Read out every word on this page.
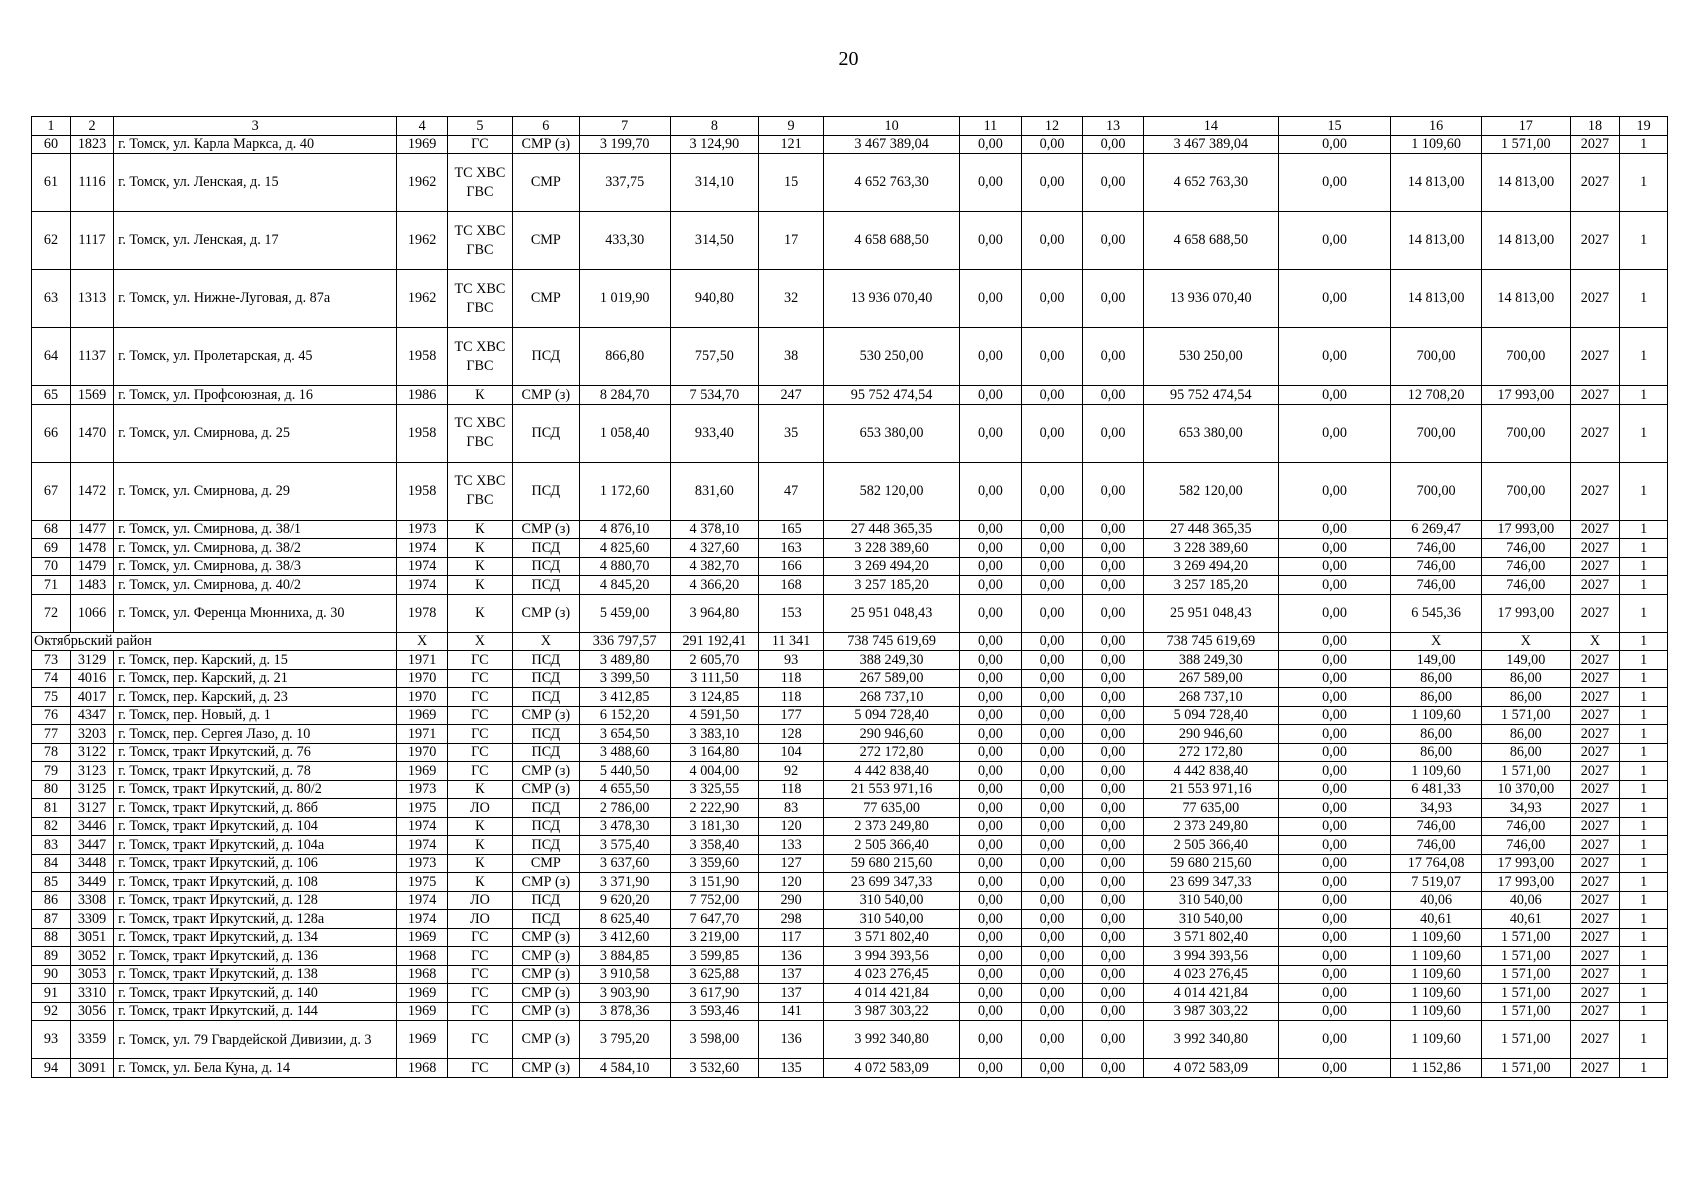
20
1	2	3	4	5	6	7	8	9	10	11	12	13	14	15	16	17	18	19
60	1823	г. Томск, ул. Карла Маркса, д. 40	1969	ГС	СМР (з)	3 199,70	3 124,90	121	3 467 389,04	0,00	0,00	0,00	3 467 389,04	0,00	1 109,60	1 571,00	2027	1
61	1116	г. Томск, ул. Ленская, д. 15	1962	ТС ХВС ГВС	СМР	337,75	314,10	15	4 652 763,30	0,00	0,00	0,00	4 652 763,30	0,00	14 813,00	14 813,00	2027	1
62	1117	г. Томск, ул. Ленская, д. 17	1962	ТС ХВС ГВС	СМР	433,30	314,50	17	4 658 688,50	0,00	0,00	0,00	4 658 688,50	0,00	14 813,00	14 813,00	2027	1
63	1313	г. Томск, ул. Нижне-Луговая, д. 87а	1962	ТС ХВС ГВС	СМР	1 019,90	940,80	32	13 936 070,40	0,00	0,00	0,00	13 936 070,40	0,00	14 813,00	14 813,00	2027	1
64	1137	г. Томск, ул. Пролетарская, д. 45	1958	ТС ХВС ГВС	ПСД	866,80	757,50	38	530 250,00	0,00	0,00	0,00	530 250,00	0,00	700,00	700,00	2027	1
65	1569	г. Томск, ул. Профсоюзная, д. 16	1986	К	СМР (з)	8 284,70	7 534,70	247	95 752 474,54	0,00	0,00	0,00	95 752 474,54	0,00	12 708,20	17 993,00	2027	1
66	1470	г. Томск, ул. Смирнова, д. 25	1958	ТС ХВС ГВС	ПСД	1 058,40	933,40	35	653 380,00	0,00	0,00	0,00	653 380,00	0,00	700,00	700,00	2027	1
67	1472	г. Томск, ул. Смирнова, д. 29	1958	ТС ХВС ГВС	ПСД	1 172,60	831,60	47	582 120,00	0,00	0,00	0,00	582 120,00	0,00	700,00	700,00	2027	1
68	1477	г. Томск, ул. Смирнова, д. 38/1	1973	К	СМР (з)	4 876,10	4 378,10	165	27 448 365,35	0,00	0,00	0,00	27 448 365,35	0,00	6 269,47	17 993,00	2027	1
69	1478	г. Томск, ул. Смирнова, д. 38/2	1974	К	ПСД	4 825,60	4 327,60	163	3 228 389,60	0,00	0,00	0,00	3 228 389,60	0,00	746,00	746,00	2027	1
70	1479	г. Томск, ул. Смирнова, д. 38/3	1974	К	ПСД	4 880,70	4 382,70	166	3 269 494,20	0,00	0,00	0,00	3 269 494,20	0,00	746,00	746,00	2027	1
71	1483	г. Томск, ул. Смирнова, д. 40/2	1974	К	ПСД	4 845,20	4 366,20	168	3 257 185,20	0,00	0,00	0,00	3 257 185,20	0,00	746,00	746,00	2027	1
72	1066	г. Томск, ул. Ференца Мюнниха, д. 30	1978	К	СМР (з)	5 459,00	3 964,80	153	25 951 048,43	0,00	0,00	0,00	25 951 048,43	0,00	6 545,36	17 993,00	2027	1
Октябрьский район			X	X	X	336 797,57	291 192,41	11 341	738 745 619,69	0,00	0,00	0,00	738 745 619,69	0,00	X	X	X	1
73	3129	г. Томск, пер. Карский, д. 15	1971	ГС	ПСД	3 489,80	2 605,70	93	388 249,30	0,00	0,00	0,00	388 249,30	0,00	149,00	149,00	2027	1
74	4016	г. Томск, пер. Карский, д. 21	1970	ГС	ПСД	3 399,50	3 111,50	118	267 589,00	0,00	0,00	0,00	267 589,00	0,00	86,00	86,00	2027	1
75	4017	г. Томск, пер. Карский, д. 23	1970	ГС	ПСД	3 412,85	3 124,85	118	268 737,10	0,00	0,00	0,00	268 737,10	0,00	86,00	86,00	2027	1
76	4347	г. Томск, пер. Новый, д. 1	1969	ГС	СМР (з)	6 152,20	4 591,50	177	5 094 728,40	0,00	0,00	0,00	5 094 728,40	0,00	1 109,60	1 571,00	2027	1
77	3203	г. Томск, пер. Сергея Лазо, д. 10	1971	ГС	ПСД	3 654,50	3 383,10	128	290 946,60	0,00	0,00	0,00	290 946,60	0,00	86,00	86,00	2027	1
78	3122	г. Томск, тракт Иркутский, д. 76	1970	ГС	ПСД	3 488,60	3 164,80	104	272 172,80	0,00	0,00	0,00	272 172,80	0,00	86,00	86,00	2027	1
79	3123	г. Томск, тракт Иркутский, д. 78	1969	ГС	СМР (з)	5 440,50	4 004,00	92	4 442 838,40	0,00	0,00	0,00	4 442 838,40	0,00	1 109,60	1 571,00	2027	1
80	3125	г. Томск, тракт Иркутский, д. 80/2	1973	К	СМР (з)	4 655,50	3 325,55	118	21 553 971,16	0,00	0,00	0,00	21 553 971,16	0,00	6 481,33	10 370,00	2027	1
81	3127	г. Томск, тракт Иркутский, д. 86б	1975	ЛО	ПСД	2 786,00	2 222,90	83	77 635,00	0,00	0,00	0,00	77 635,00	0,00	34,93	34,93	2027	1
82	3446	г. Томск, тракт Иркутский, д. 104	1974	К	ПСД	3 478,30	3 181,30	120	2 373 249,80	0,00	0,00	0,00	2 373 249,80	0,00	746,00	746,00	2027	1
83	3447	г. Томск, тракт Иркутский, д. 104а	1974	К	ПСД	3 575,40	3 358,40	133	2 505 366,40	0,00	0,00	0,00	2 505 366,40	0,00	746,00	746,00	2027	1
84	3448	г. Томск, тракт Иркутский, д. 106	1973	К	СМР	3 637,60	3 359,60	127	59 680 215,60	0,00	0,00	0,00	59 680 215,60	0,00	17 764,08	17 993,00	2027	1
85	3449	г. Томск, тракт Иркутский, д. 108	1975	К	СМР (з)	3 371,90	3 151,90	120	23 699 347,33	0,00	0,00	0,00	23 699 347,33	0,00	7 519,07	17 993,00	2027	1
86	3308	г. Томск, тракт Иркутский, д. 128	1974	ЛО	ПСД	9 620,20	7 752,00	290	310 540,00	0,00	0,00	0,00	310 540,00	0,00	40,06	40,06	2027	1
87	3309	г. Томск, тракт Иркутский, д. 128а	1974	ЛО	ПСД	8 625,40	7 647,70	298	310 540,00	0,00	0,00	0,00	310 540,00	0,00	40,61	40,61	2027	1
88	3051	г. Томск, тракт Иркутский, д. 134	1969	ГС	СМР (з)	3 412,60	3 219,00	117	3 571 802,40	0,00	0,00	0,00	3 571 802,40	0,00	1 109,60	1 571,00	2027	1
89	3052	г. Томск, тракт Иркутский, д. 136	1968	ГС	СМР (з)	3 884,85	3 599,85	136	3 994 393,56	0,00	0,00	0,00	3 994 393,56	0,00	1 109,60	1 571,00	2027	1
90	3053	г. Томск, тракт Иркутский, д. 138	1968	ГС	СМР (з)	3 910,58	3 625,88	137	4 023 276,45	0,00	0,00	0,00	4 023 276,45	0,00	1 109,60	1 571,00	2027	1
91	3310	г. Томск, тракт Иркутский, д. 140	1969	ГС	СМР (з)	3 903,90	3 617,90	137	4 014 421,84	0,00	0,00	0,00	4 014 421,84	0,00	1 109,60	1 571,00	2027	1
92	3056	г. Томск, тракт Иркутский, д. 144	1969	ГС	СМР (з)	3 878,36	3 593,46	141	3 987 303,22	0,00	0,00	0,00	3 987 303,22	0,00	1 109,60	1 571,00	2027	1
93	3359	г. Томск, ул. 79 Гвардейской Дивизии, д. 3	1969	ГС	СМР (з)	3 795,20	3 598,00	136	3 992 340,80	0,00	0,00	0,00	3 992 340,80	0,00	1 109,60	1 571,00	2027	1
94	3091	г. Томск, ул. Бела Куна, д. 14	1968	ГС	СМР (з)	4 584,10	3 532,60	135	4 072 583,09	0,00	0,00	0,00	4 072 583,09	0,00	1 152,86	1 571,00	2027	1
